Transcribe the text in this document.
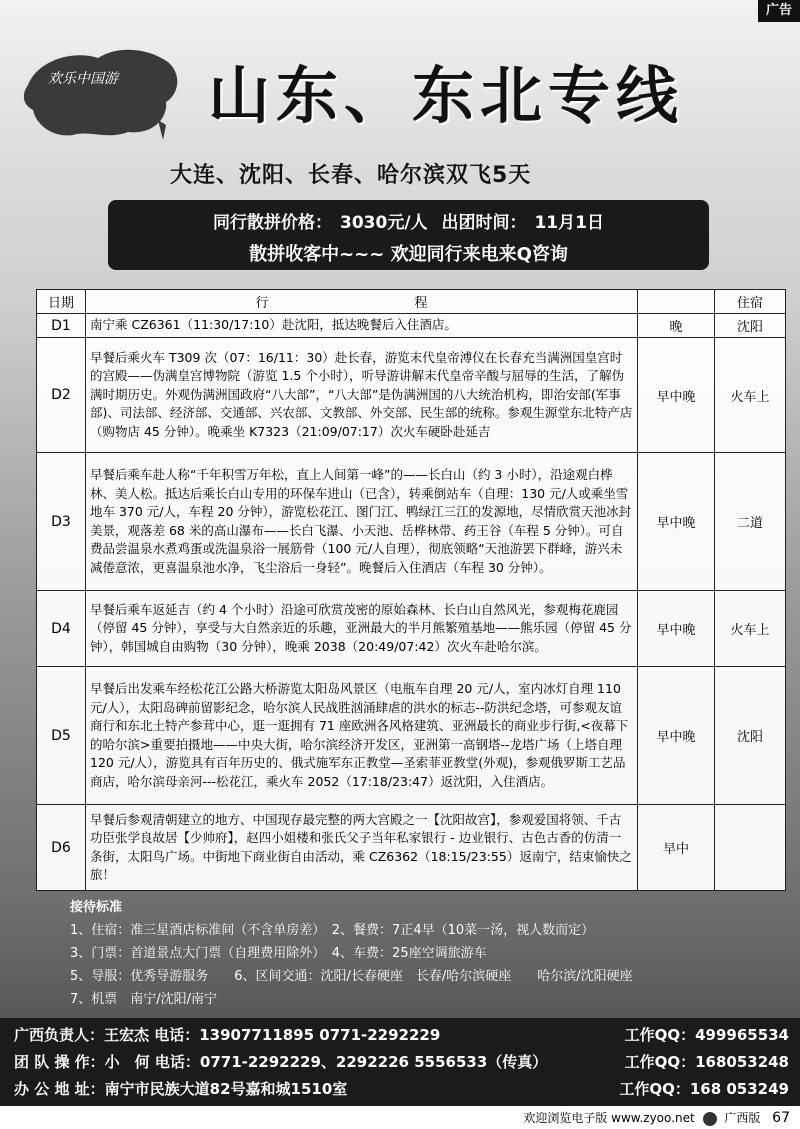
广告
欢乐中国游 山东、东北专线
大连、沈阳、长春、哈尔滨双飞5天
同行散拼价格： 3030元/人 出团时间： 11月1日
散拼收客中~~~ 欢迎同行来电来Q咨询
日期	行　　程		住宿
D1	南宁乘 CZ6361（11:30/17:10）赴沈阳，抵达晚餐后入住酒店。	晚	沈阳
D2	早餐后乘火车 T309 次（07：16/11：30）赴长春，游览末代皇帝溥仪在长春充当满洲国皇宫时的宫殿——伪满皇宫博物院（游览 1.5 个小时），听导游讲解末代皇帝辛酸与屈辱的生活，了解伪满时期历史。外观伪满洲国政府“八大部”，“八大部”是伪满洲国的八大统治机构，即治安部(军事部)、司法部、经济部、交通部、兴农部、文教部、外交部、民生部的统称。参观生源堂东北特产店（购物店 45 分钟）。晚乘坐 K7323（21:09/07:17）次火车硬卧赴延吉	早中晚	火车上
D3	早餐后乘车赴人称“千年积雪万年松，直上人间第一峰”的——长白山（约 3 小时），沿途观白桦林、美人松。抵达后乘长白山专用的环保车进山（已含），转乘倒站车（自理：130 元/人或乘坐雪地车 370 元/人，车程 20 分钟），游览松花江、图门江、鸭绿江三江的发源地，尽情欣赏天池冰封美景，观落差 68 米的高山瀑布——长白飞瀑、小天池、岳桦林带、药王谷（车程 5 分钟）。可自费品尝温泉水煮鸡蛋或洗温泉浴一展筋骨（100 元/人自理），彻底领略“天池游罢下群峰，游兴未减倦意浓，更喜温泉池水净，飞尘浴后一身轻”。晚餐后入住酒店（车程 30 分钟）。	早中晚	二道
D4	早餐后乘车返延吉（约 4 个小时）沿途可欣赏茂密的原始森林、长白山自然风光，参观梅花鹿园（停留 45 分钟），享受与大自然亲近的乐趣，亚洲最大的半月熊繁殖基地——熊乐园（停留 45 分钟），韩国城自由购物（30 分钟），晚乘 2038（20:49/07:42）次火车赴哈尔滨。	早中晚	火车上
D5	早餐后出发乘车经松花江公路大桥游览太阳岛风景区（电瓶车自理 20 元/人，室内冰灯自理 110 元/人），太阳岛碑前留影纪念，哈尔滨人民战胜汹涌肆虐的洪水的标志--防洪纪念塔，可参观友谊商行和东北土特产参茸中心，逛一逛拥有 71 座欧洲各风格建筑、亚洲最长的商业步行街,<夜幕下的哈尔滨>重要拍摄地——中央大街，哈尔滨经济开发区，亚洲第一高钢塔--龙塔广场（上塔自理 120 元/人），游览具有百年历史的、俄式施军东正教堂—圣索菲亚教堂(外观)，参观俄罗斯工艺品商店，哈尔滨母亲河---松花江，乘火车 2052（17:18/23:47）返沈阳，入住酒店。	早中晚	沈阳
D6	早餐后参观清朝建立的地方、中国现存最完整的两大宫殿之一【沈阳故宫】，参观爱国将领、千古功臣张学良故居【少帅府】，赵四小姐楼和张氏父子当年私家银行 - 边业银行、古色古香的仿清一条街，太阳鸟广场。中街地下商业街自由活动，乘 CZ6362（18:15/23:55）返南宁，结束愉快之旅！	早中	
接待标准
1、住宿：准三星酒店标准间（不含单房差）　2、餐费：7正4早（10菜一汤，视人数而定）
3、门票：首道景点大门票（自理费用除外）　4、车费：25座空调旅游车
5、导服：优秀导游服务　　6、区间交通：沈阳/长春硬座　长春/哈尔滨硬座　　哈尔滨/沈阳硬座
7、机票　南宁/沈阳/南宁
广西负责人：王宏杰 电话：13907711895 0771-2292229	工作QQ：499965534
团 队 操 作：小　何 电话：0771-2292229、2292226 5556533（传真）	工作QQ：168053248
办 公 地 址：南宁市民族大道82号嘉和城1510室	工作QQ：168 053249
欢迎浏览电子版 www.zyoo.net 广西版 67
